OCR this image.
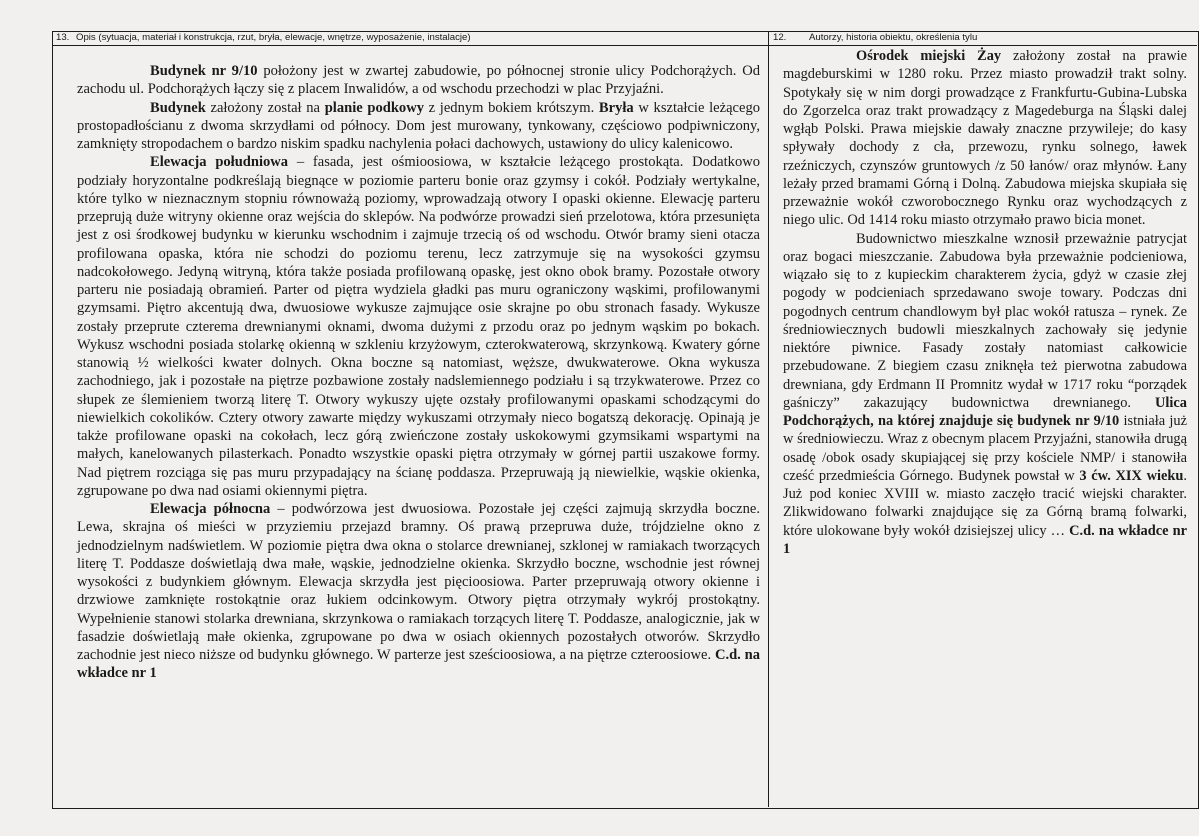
13. Opis (sytuacja, materiał i konstrukcja, rzut, bryła, elewacje, wnętrze, wyposażenie, instalacje)

Budynek nr 9/10 położony jest w zwartej zabudowie, po północnej stronie ulicy Podchorążych. Od zachodu ul. Podchorążych łączy się z placem Inwalidów, a od wschodu przechodzi w plac Przyjaźni.

Budynek założony został na planie podkowy z jednym bokiem krótszym. Bryła w kształcie leżącego prostopadłościanu z dwoma skrzydłami od północy. Dom jest murowany, tynkowany, częściowo podpiwniczony, zamknięty stropodachem o bardzo niskim spadku nachylenia połaci dachowych, ustawiony do ulicy kalenicowo.

Elewacja południowa – fasada, jest ośmioosiowa, w kształcie leżącego prostokąta. Dodatkowo podziały horyzontalne podkreślają biegnące w poziomie parteru bonie oraz gzymsy i cokół. Podziały wertykalne, które tylko w nieznacznym stopniu równoważą poziomy, wprowadzają otwory I opaski okienne. Elewację parteru przeprują duże witryny okienne oraz wejścia do sklepów. Na podwórze prowadzi sień przelotowa, która przesunięta jest z osi środkowej budynku w kierunku wschodnim i zajmuje trzecią oś od wschodu. Otwór bramy sieni otacza profilowana opaska, która nie schodzi do poziomu terenu, lecz zatrzymuje się na wysokości gzymsu nadcokołowego. Jedyną witryną, która także posiada profilowaną opaskę, jest okno obok bramy. Pozostałe otwory parteru nie posiadają obramień. Parter od piętra wydziela gładki pas muru ograniczony wąskimi, profilowanymi gzymsami. Piętro akcentują dwa, dwuosiowe wykusze zajmujące osie skrajne po obu stronach fasady. Wykusze zostały przeprute czterema drewnianymi oknami, dwoma dużymi z przodu oraz po jednym wąskim po bokach. Wykusz wschodni posiada stolarkę okienną w szkleniu krzyżowym, czterokwaterową, skrzynkową. Kwatery górne stanowią ½ wielkości kwater dolnych. Okna boczne są natomiast, węższe, dwukwaterowe. Okna wykusza zachodniego, jak i pozostałe na piętrze pozbawione zostały nadslemiennego podziału i są trzykwaterowe. Przez co słupek ze ślemieniem tworzą literę T. Otwory wykuszy ujęte ozstały profilowanymi opaskami schodzącymi do niewielkich cokolików. Cztery otwory zawarte między wykuszami otrzymały nieco bogatszą dekorację. Opinają je także profilowane opaski na cokołach, lecz górą zwieńczone zostały uskokowymi gzymsikami wspartymi na małych, kanelowanych pilasterkach. Ponadto wszystkie opaski piętra otrzymały w górnej partii uszakowe formy. Nad piętrem rozciąga się pas muru przypadający na ścianę poddasza. Przepruwają ją niewielkie, wąskie okienka, zgrupowane po dwa nad osiami okiennymi piętra.

Elewacja północna – podwórzowa jest dwuosiowa. Pozostałe jej części zajmują skrzydła boczne. Lewa, skrajna oś mieści w przyziemiu przejazd bramny. Oś prawą przepruwa duże, trójdzielne okno z jednodzielnym nadświetlem. W poziomie piętra dwa okna o stolarce drewnianej, szklonej w ramiakach tworzących literę T. Poddasze doświetlają dwa małe, wąskie, jednodzielne okienka. Skrzydło boczne, wschodnie jest równej wysokości z budynkiem głównym. Elewacja skrzydła jest pięcioosiowa. Parter przepruwają otwory okienne i drzwiowe zamknięte rostokątnie oraz łukiem odcinkowym. Otwory piętra otrzymały wykrój prostokątny. Wypełnienie stanowi stolarka drewniana, skrzynkowa o ramiakach torzących literę T. Poddasze, analogicznie, jak w fasadzie doświetlają małe okienka, zgrupowane po dwa w osiach okiennych pozostałych otworów. Skrzydło zachodnie jest nieco niższe od budynku głównego. W parterze jest sześcioosiowa, a na piętrze czteroosiowe. C.d. na wkładce nr 1

12. Autorzy, historia obiektu, określenia tylu

Ośrodek miejski Żay założony został na prawie magdeburskimi w 1280 roku. Przez miasto prowadził trakt solny. Spotykały się w nim dorgi prowadzące z Frankfurtu-Gubina-Lubska do Zgorzelca oraz trakt prowadzący z Magedeburga na Śląski dalej wgłąb Polski. Prawa miejskie dawały znaczne przywileje; do kasy spływały dochody z cła, przewozu, rynku solnego, ławek rzeźniczych, czynszów gruntowych /z 50 łanów/ oraz młynów. Łany leżały przed bramami Górną i Dolną. Zabudowa miejska skupiała się przeważnie wokół czworobocznego Rynku oraz wychodzących z niego ulic. Od 1414 roku miasto otrzymało prawo bicia monet.

Budownictwo mieszkalne wznosił przeważnie patrycjat oraz bogaci mieszczanie. Zabudowa była przeważnie podcieniowa, wiązało się to z kupieckim charakterem życia, gdyż w czasie złej pogody w podcieniach sprzedawano swoje towary. Podczas dni pogodnych centrum chandlowym był plac wokół ratusza – rynek. Ze średniowiecznych budowli mieszkalnych zachowały się jedynie niektóre piwnice. Fasady zostały natomiast całkowicie przebudowane. Z biegiem czasu zniknęła też pierwotna zabudowa drewniana, gdy Erdmann II Promnitz wydał w 1717 roku “porządek gaśniczy” zakazujący budownictwa drewnianego. Ulica Podchorążych, na której znajduje się budynek nr 9/10 istniała już w średniowieczu. Wraz z obecnym placem Przyjaźni, stanowiła drugą osadę /obok osady skupiającej się przy kościele NMP/ i stanowiła cześć przedmieścia Górnego. Budynek powstał w 3 ćw. XIX wieku. Już pod koniec XVIII w. miasto zaczęło tracić wiejski charakter. Zlikwidowano folwarki znajdujące się za Górną bramą folwarki, które ulokowane były wokół dzisiejszej ulicy … C.d. na wkładce nr 1
